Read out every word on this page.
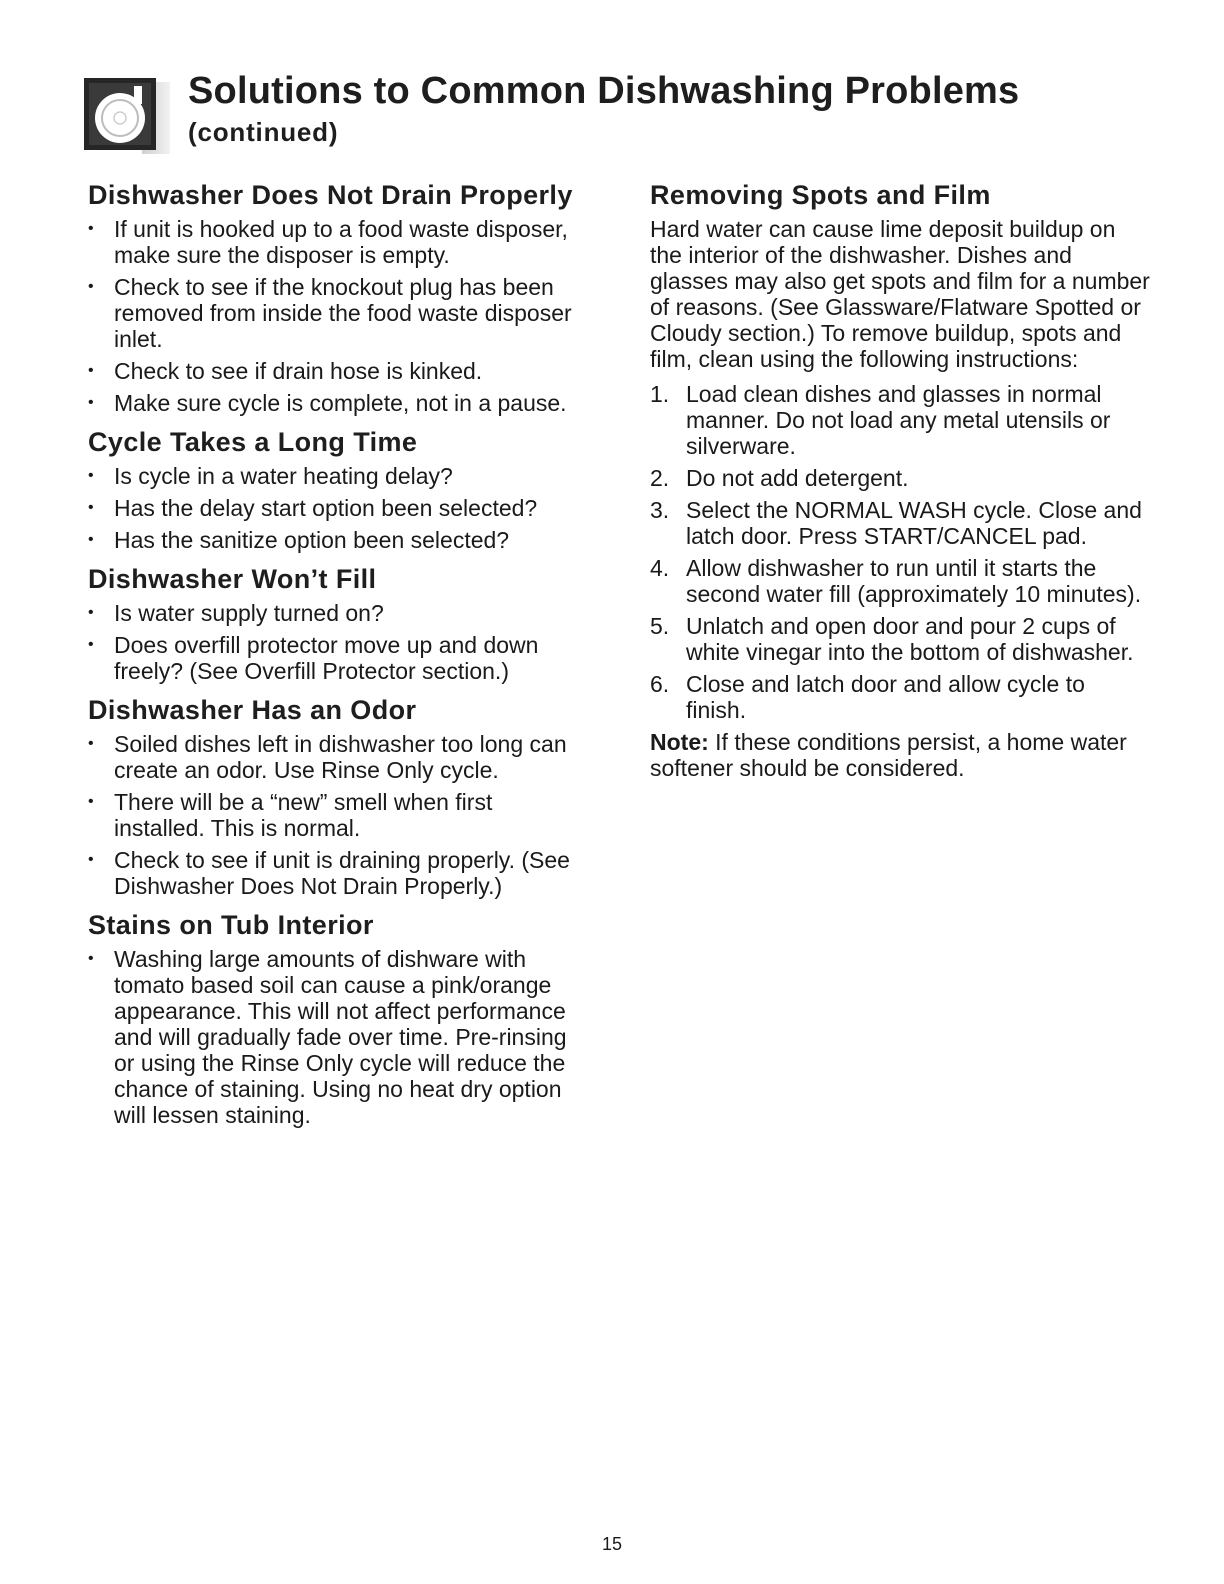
Solutions to Common Dishwashing Problems
(continued)
Dishwasher Does Not Drain Properly
• If unit is hooked up to a food waste disposer, make sure the disposer is empty.
• Check to see if the knockout plug has been removed from inside the food waste disposer inlet.
• Check to see if drain hose is kinked.
• Make sure cycle is complete, not in a pause.
Cycle Takes a Long Time
• Is cycle in a water heating delay?
• Has the delay start option been selected?
• Has the sanitize option been selected?
Dishwasher Won’t Fill
• Is water supply turned on?
• Does overfill protector move up and down freely? (See Overfill Protector section.)
Dishwasher Has an Odor
• Soiled dishes left in dishwasher too long can create an odor. Use Rinse Only cycle.
• There will be a “new” smell when first installed. This is normal.
• Check to see if unit is draining properly. (See Dishwasher Does Not Drain Properly.)
Stains on Tub Interior
• Washing large amounts of dishware with tomato based soil can cause a pink/orange appearance. This will not affect performance and will gradually fade over time. Pre-rinsing or using the Rinse Only cycle will reduce the chance of staining. Using no heat dry option will lessen staining.
Removing Spots and Film

Hard water can cause lime deposit buildup on the interior of the dishwasher. Dishes and glasses may also get spots and film for a number of reasons. (See Glassware/Flatware Spotted or Cloudy section.) To remove buildup, spots and film, clean using the following instructions:

1. Load clean dishes and glasses in normal manner. Do not load any metal utensils or silverware.
2. Do not add detergent.
3. Select the NORMAL WASH cycle. Close and latch door. Press START/CANCEL pad.
4. Allow dishwasher to run until it starts the second water fill (approximately 10 minutes).
5. Unlatch and open door and pour 2 cups of white vinegar into the bottom of dishwasher.
6. Close and latch door and allow cycle to finish.

Note: If these conditions persist, a home water softener should be considered.

15
